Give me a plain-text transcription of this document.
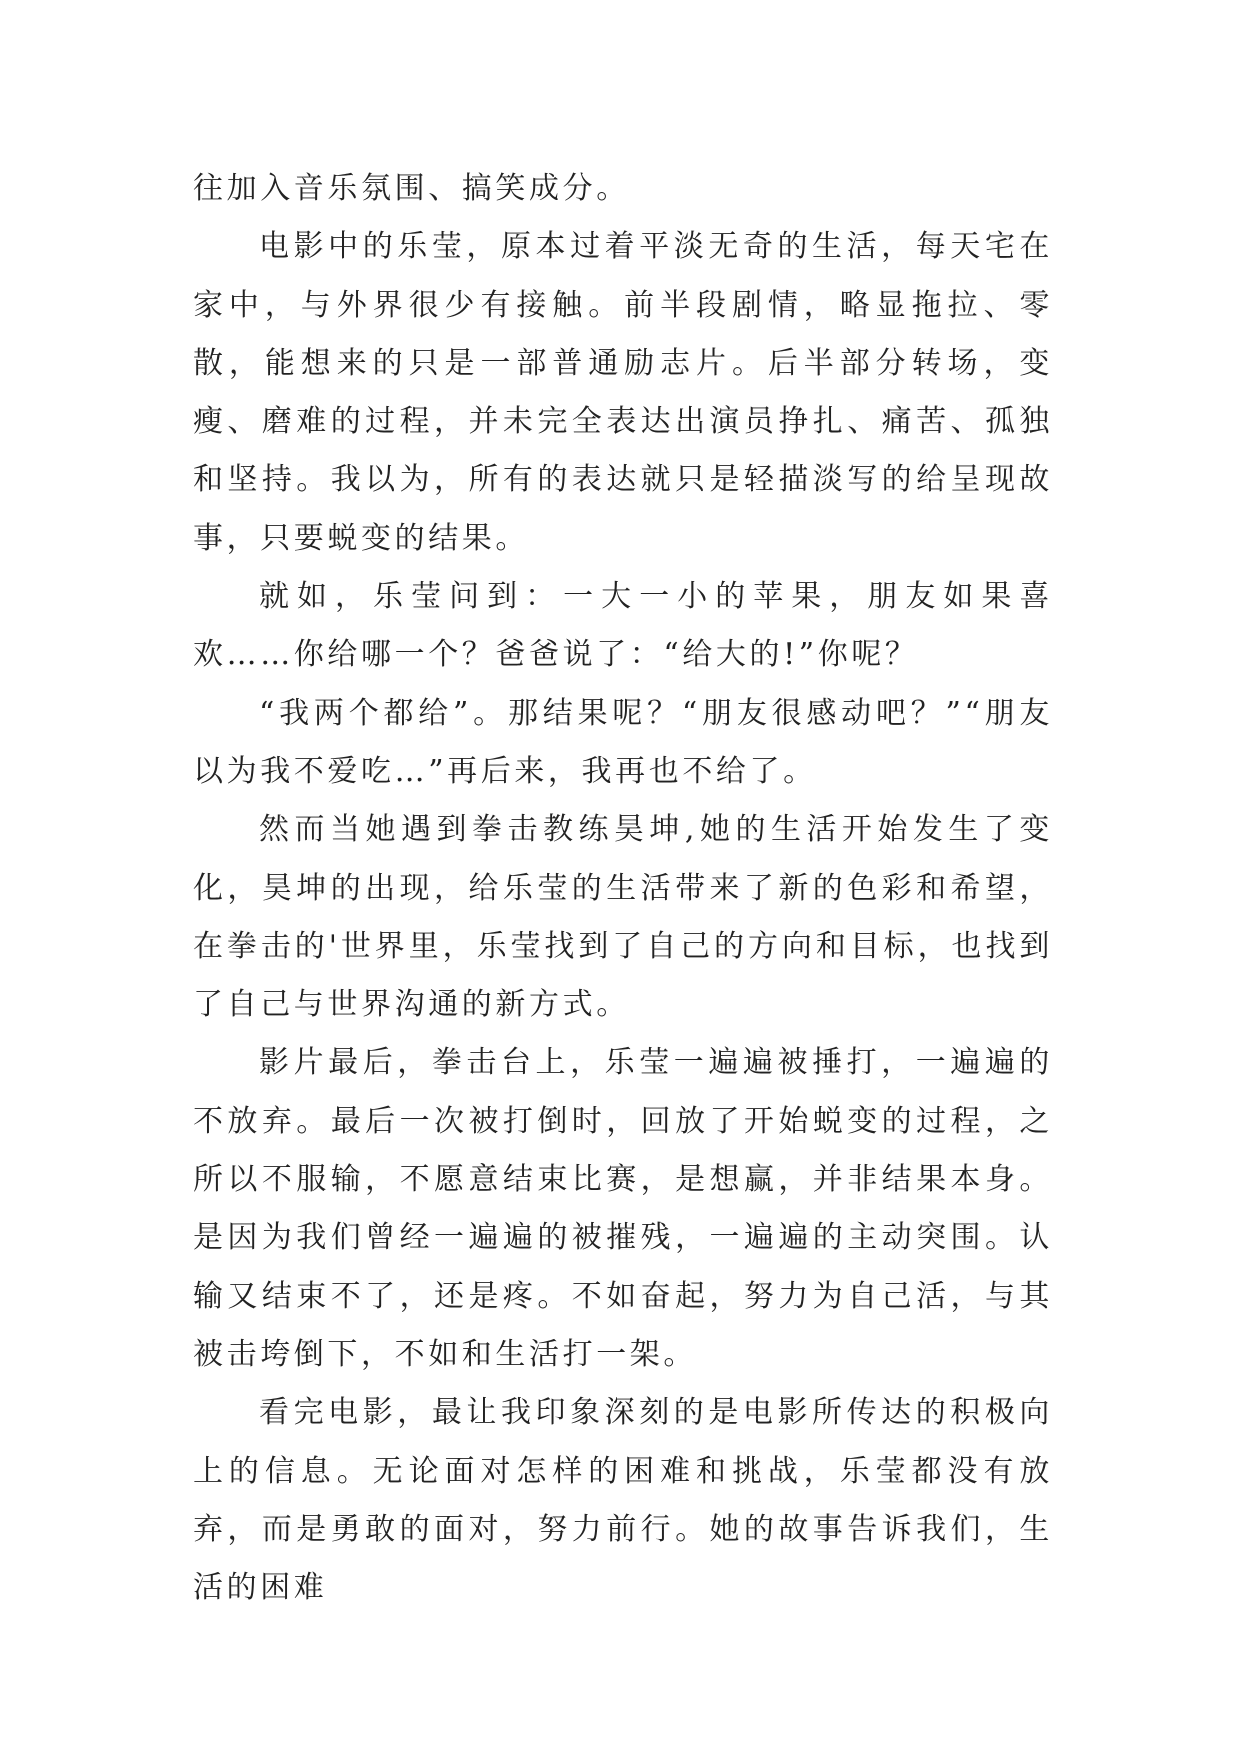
往加入音乐氛围、搞笑成分。

电影中的乐莹，原本过着平淡无奇的生活，每天宅在家中，与外界很少有接触。前半段剧情，略显拖拉、零散，能想来的只是一部普通励志片。后半部分转场，变瘦、磨难的过程，并未完全表达出演员挣扎、痛苦、孤独和坚持。我以为，所有的表达就只是轻描淡写的给呈现故事，只要蜕变的结果。

就如，乐莹问到：一大一小的苹果，朋友如果喜欢……你给哪一个？爸爸说了：“给大的!”你呢？

“我两个都给”。那结果呢？“朋友很感动吧？”“朋友以为我不爱吃…”再后来，我再也不给了。

然而当她遇到拳击教练昊坤,她的生活开始发生了变化，昊坤的出现，给乐莹的生活带来了新的色彩和希望，在拳击的'世界里，乐莹找到了自己的方向和目标，也找到了自己与世界沟通的新方式。

影片最后，拳击台上，乐莹一遍遍被捶打，一遍遍的不放弃。最后一次被打倒时，回放了开始蜕变的过程，之所以不服输，不愿意结束比赛，是想赢，并非结果本身。是因为我们曾经一遍遍的被摧残，一遍遍的主动突围。认输又结束不了，还是疼。不如奋起，努力为自己活，与其被击垮倒下，不如和生活打一架。

看完电影，最让我印象深刻的是电影所传达的积极向上的信息。无论面对怎样的困难和挑战，乐莹都没有放弃，而是勇敢的面对，努力前行。她的故事告诉我们，生活的困难
